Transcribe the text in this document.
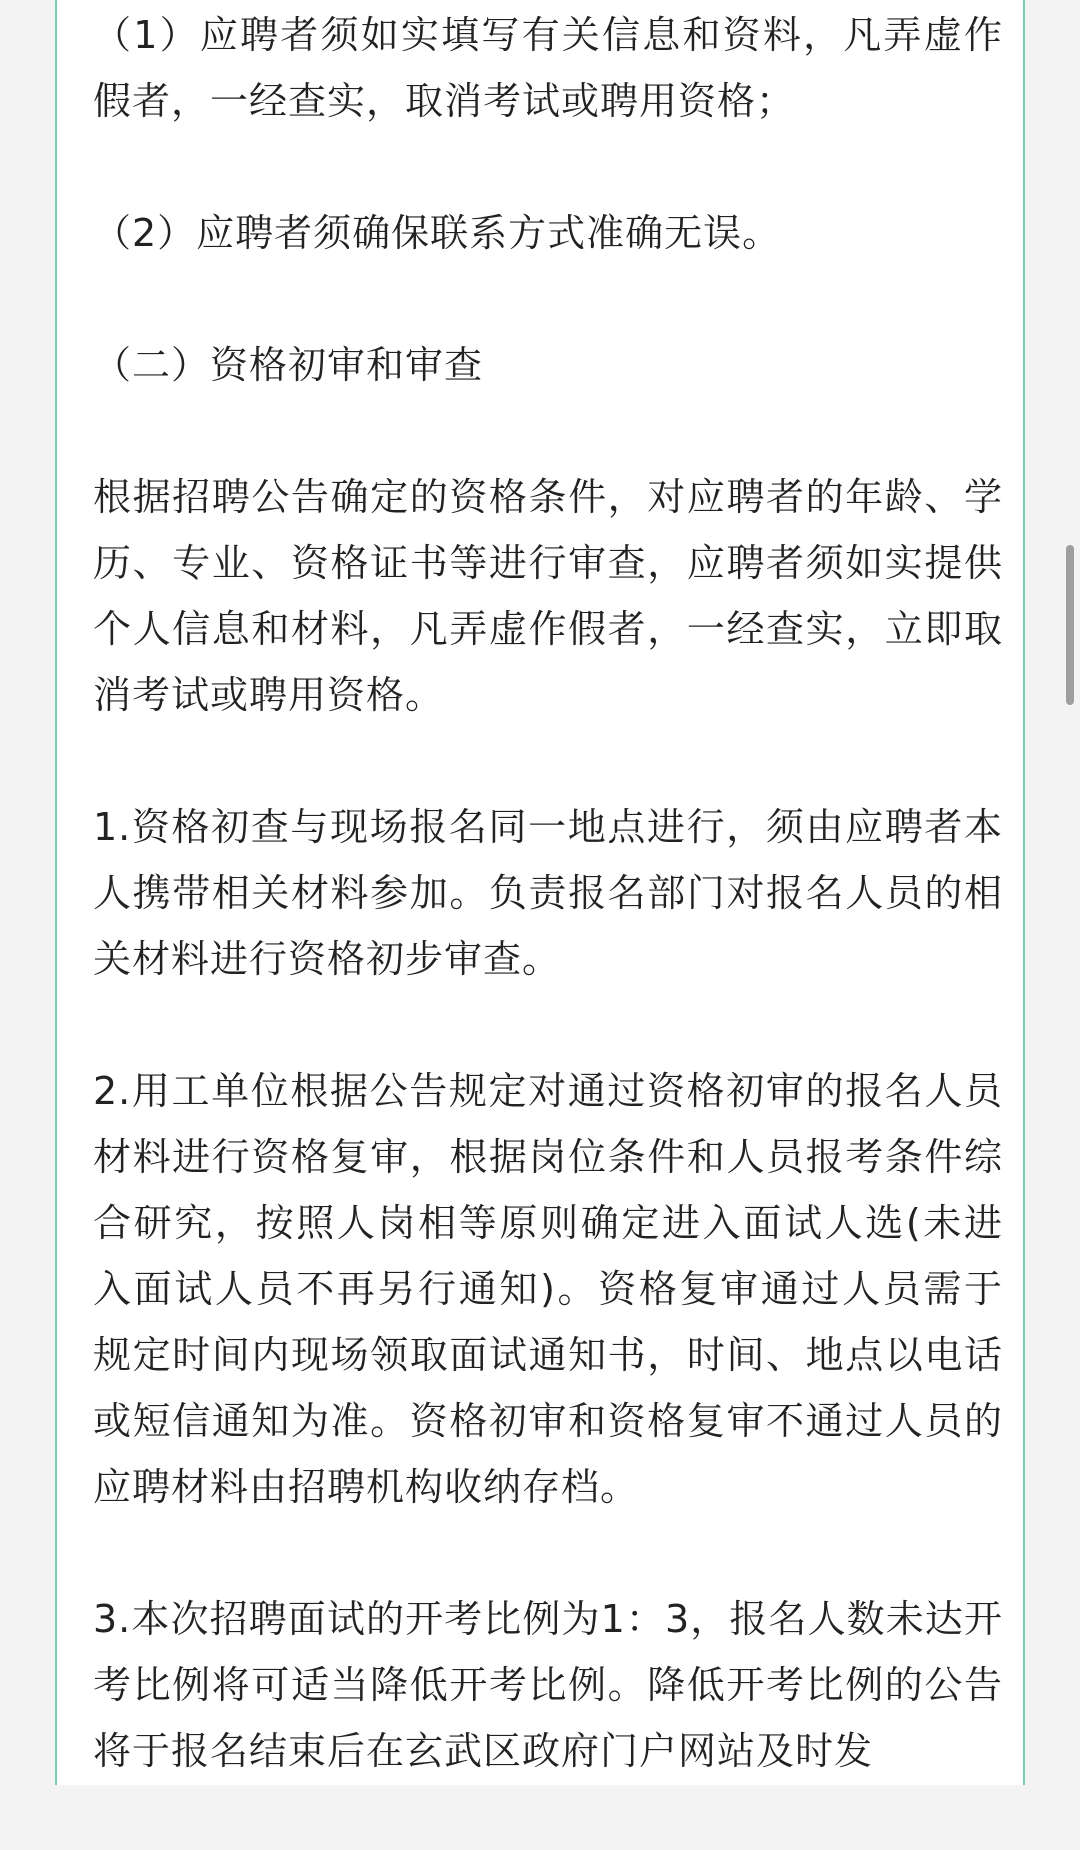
（1）应聘者须如实填写有关信息和资料，凡弄虚作假者，一经查实，取消考试或聘用资格；

（2）应聘者须确保联系方式准确无误。

（二）资格初审和审查

根据招聘公告确定的资格条件，对应聘者的年龄、学历、专业、资格证书等进行审查，应聘者须如实提供个人信息和材料，凡弄虚作假者，一经查实，立即取消考试或聘用资格。

1.资格初查与现场报名同一地点进行，须由应聘者本人携带相关材料参加。负责报名部门对报名人员的相关材料进行资格初步审查。

2.用工单位根据公告规定对通过资格初审的报名人员材料进行资格复审，根据岗位条件和人员报考条件综合研究，按照人岗相等原则确定进入面试人选(未进入面试人员不再另行通知)。资格复审通过人员需于规定时间内现场领取面试通知书，时间、地点以电话或短信通知为准。资格初审和资格复审不通过人员的应聘材料由招聘机构收纳存档。

3.本次招聘面试的开考比例为1：3，报名人数未达开考比例将可适当降低开考比例。降低开考比例的公告将于报名结束后在玄武区政府门户网站及时发
